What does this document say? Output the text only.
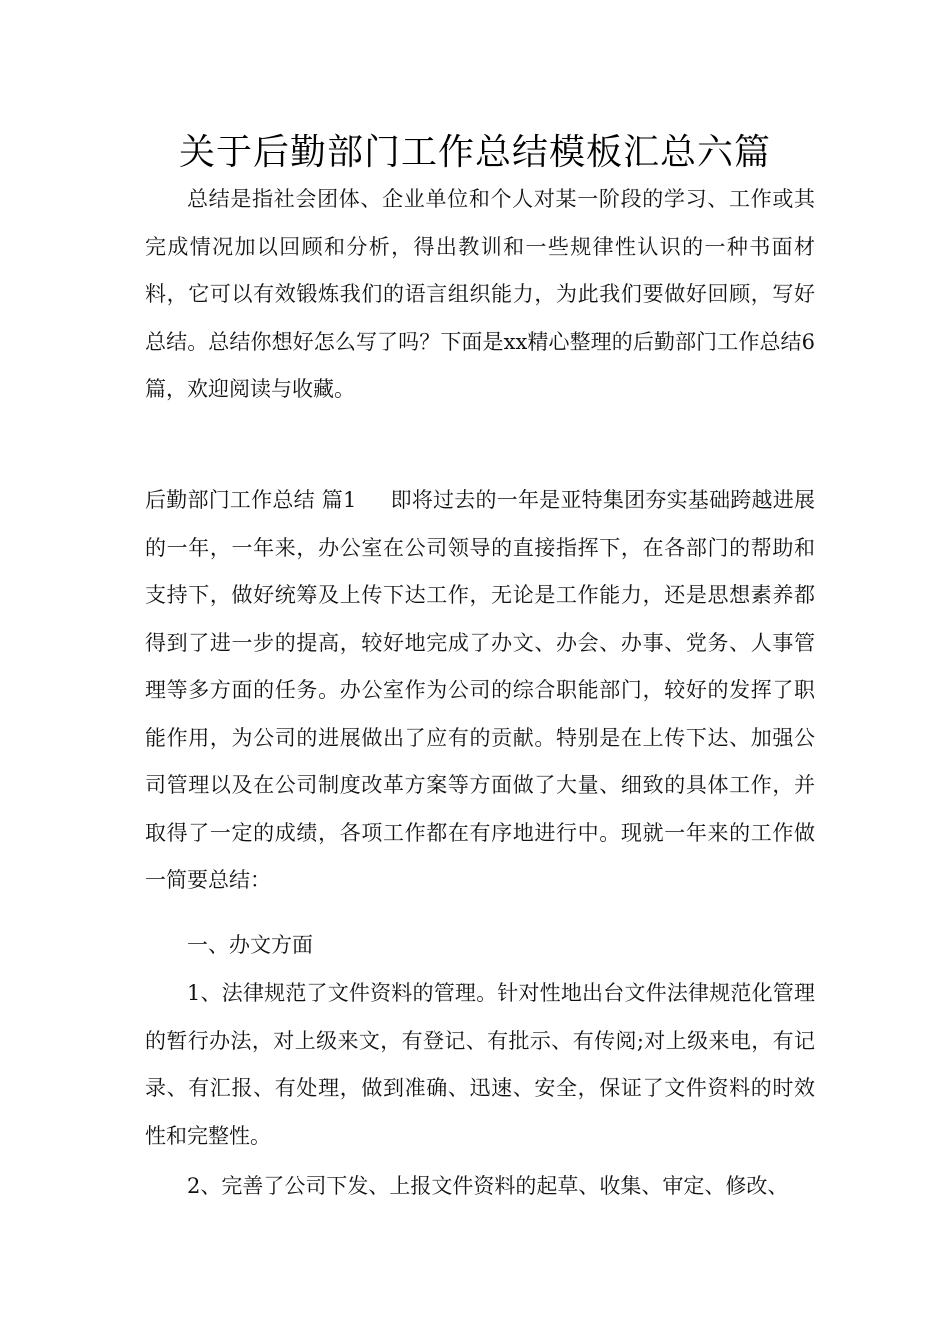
关于后勤部门工作总结模板汇总六篇

总结是指社会团体、企业单位和个人对某一阶段的学习、工作或其完成情况加以回顾和分析，得出教训和一些规律性认识的一种书面材料，它可以有效锻炼我们的语言组织能力，为此我们要做好回顾，写好总结。总结你想好怎么写了吗？下面是xx精心整理的后勤部门工作总结6篇，欢迎阅读与收藏。

后勤部门工作总结 篇1 即将过去的一年是亚特集团夯实基础跨越进展的一年，一年来，办公室在公司领导的直接指挥下，在各部门的帮助和支持下，做好统筹及上传下达工作，无论是工作能力，还是思想素养都得到了进一步的提高，较好地完成了办文、办会、办事、党务、人事管理等多方面的任务。办公室作为公司的综合职能部门，较好的发挥了职能作用，为公司的进展做出了应有的贡献。特别是在上传下达、加强公司管理以及在公司制度改革方案等方面做了大量、细致的具体工作，并取得了一定的成绩，各项工作都在有序地进行中。现就一年来的工作做一简要总结：

一、办文方面

1、法律规范了文件资料的管理。针对性地出台文件法律规范化管理的暂行办法，对上级来文，有登记、有批示、有传阅;对上级来电，有记录、有汇报、有处理，做到准确、迅速、安全，保证了文件资料的时效性和完整性。

2、完善了公司下发、上报文件资料的起草、收集、审定、修改、
